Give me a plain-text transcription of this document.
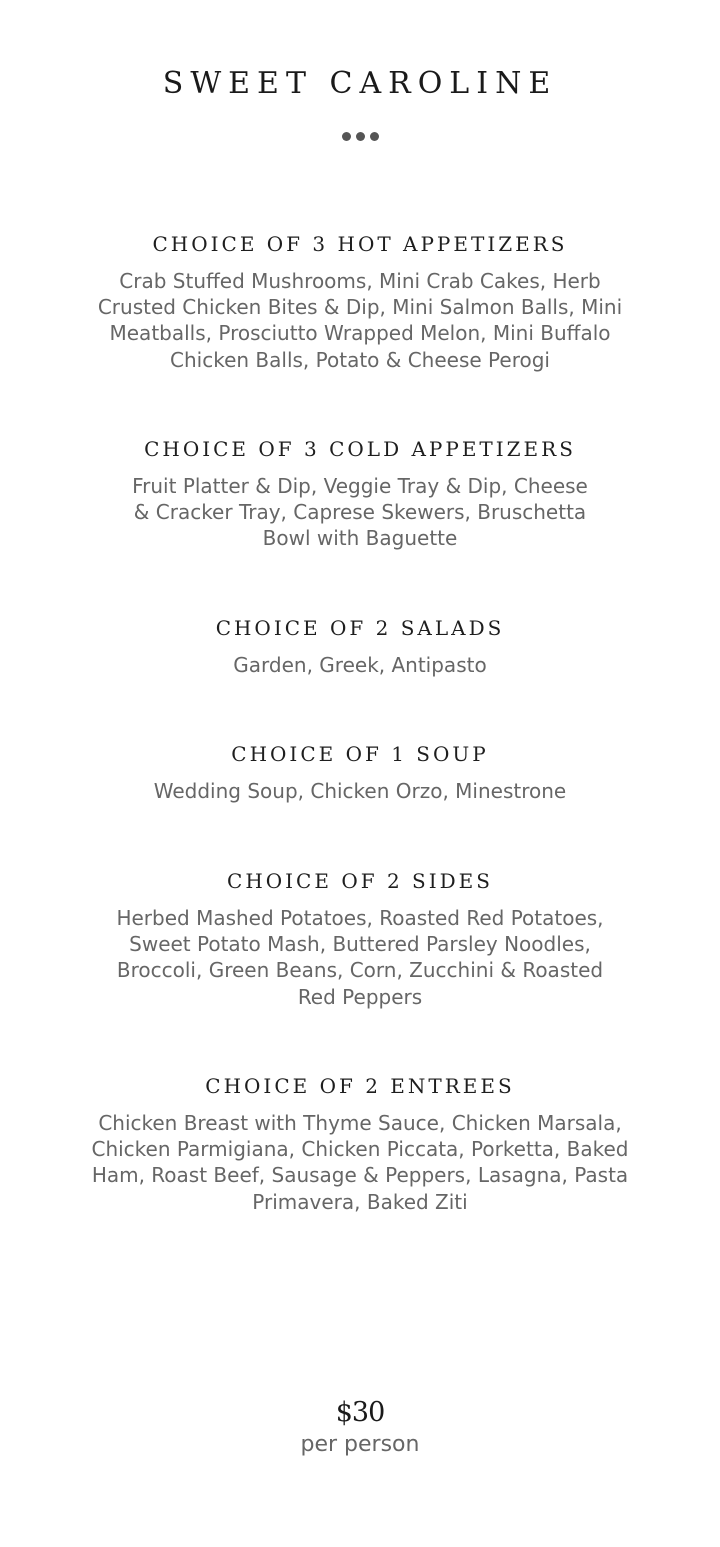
SWEET CAROLINE
CHOICE OF 3 HOT APPETIZERS

Crab Stuffed Mushrooms, Mini Crab Cakes, Herb Crusted Chicken Bites & Dip, Mini Salmon Balls, Mini Meatballs, Prosciutto Wrapped Melon, Mini Buffalo Chicken Balls, Potato & Cheese Perogi

CHOICE OF 3 COLD APPETIZERS

Fruit Platter & Dip, Veggie Tray & Dip, Cheese & Cracker Tray, Caprese Skewers, Bruschetta Bowl with Baguette

CHOICE OF 2 SALADS

Garden, Greek, Antipasto

CHOICE OF 1 SOUP

Wedding Soup, Chicken Orzo, Minestrone

CHOICE OF 2 SIDES

Herbed Mashed Potatoes, Roasted Red Potatoes, Sweet Potato Mash, Buttered Parsley Noodles, Broccoli, Green Beans, Corn, Zucchini & Roasted Red Peppers

CHOICE OF 2 ENTREES

Chicken Breast with Thyme Sauce, Chicken Marsala, Chicken Parmigiana, Chicken Piccata, Porketta, Baked Ham, Roast Beef, Sausage & Peppers, Lasagna, Pasta Primavera, Baked Ziti

$30
per person
